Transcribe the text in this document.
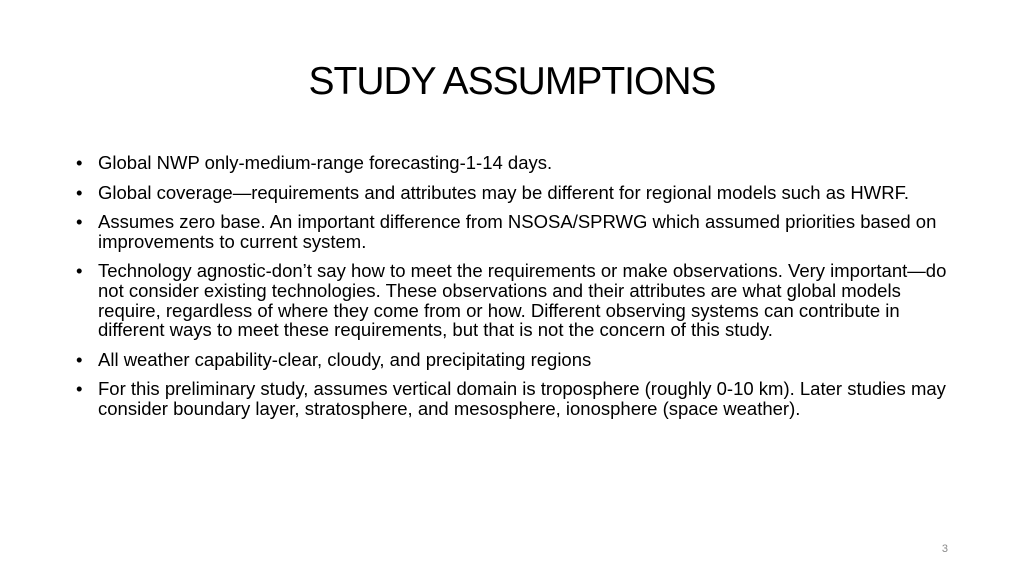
STUDY ASSUMPTIONS
• Global NWP only-medium-range forecasting-1-14 days.
• Global coverage—requirements and attributes may be different for regional models such as HWRF.
• Assumes zero base. An important difference from NSOSA/SPRWG which assumed priorities based on improvements to current system.
• Technology agnostic-don’t say how to meet the requirements or make observations. Very important—do not consider existing technologies. These observations and their attributes are what global models require, regardless of where they come from or how. Different observing systems can contribute in different ways to meet these requirements, but that is not the concern of this study.
• All weather capability-clear, cloudy, and precipitating regions
• For this preliminary study, assumes vertical domain is troposphere (roughly 0-10 km). Later studies may consider boundary layer, stratosphere, and mesosphere, ionosphere (space weather).
3
